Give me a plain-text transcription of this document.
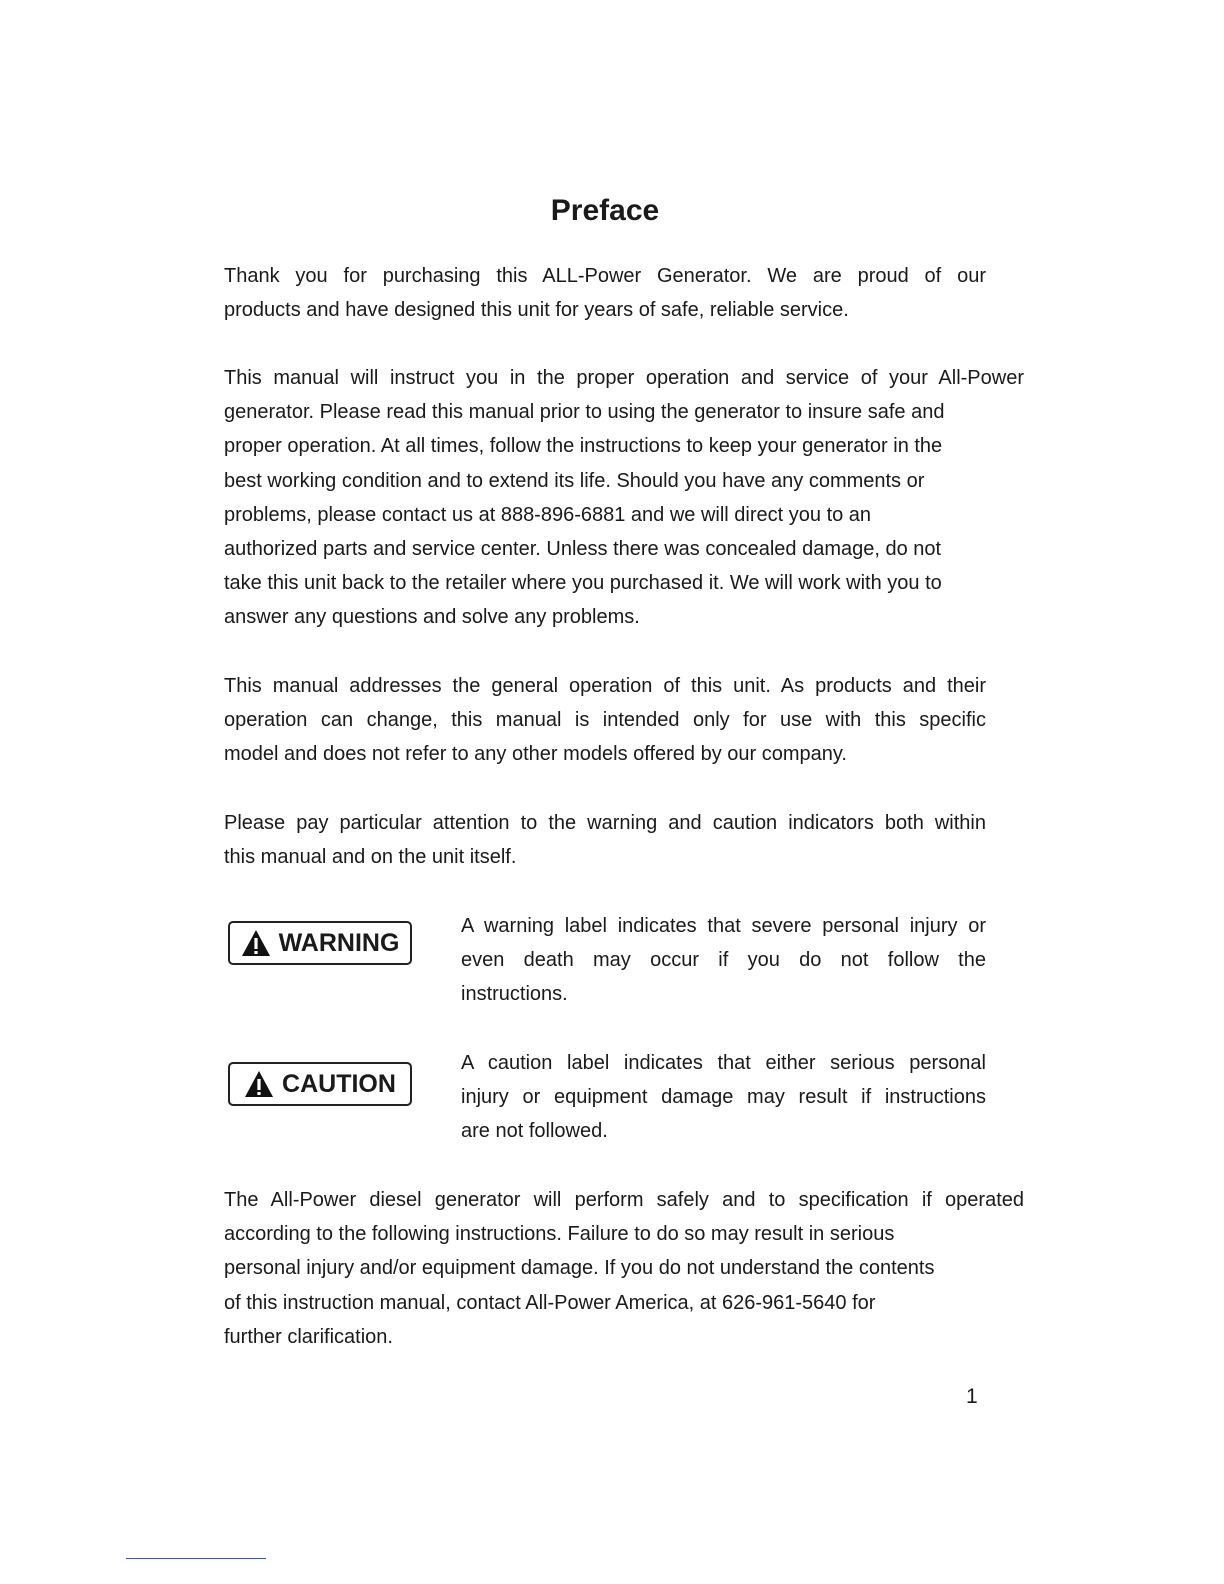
Preface
Thank you for purchasing this ALL-Power Generator. We are proud of our
products and have designed this unit for years of safe, reliable service.
This manual will instruct you in the proper operation and service of your All-Power
generator. Please read this manual prior to using the generator to insure safe and
proper operation. At all times, follow the instructions to keep your generator in the
best working condition and to extend its life. Should you have any comments or
problems, please contact us at 888-896-6881 and we will direct you to an
authorized parts and service center. Unless there was concealed damage, do not
take this unit back to the retailer where you purchased it. We will work with you to
answer any questions and solve any problems.
This manual addresses the general operation of this unit. As products and their
operation can change, this manual is intended only for use with this specific
model and does not refer to any other models offered by our company.
Please pay particular attention to the warning and caution indicators both within
this manual and on the unit itself.
WARNING
A warning label indicates that severe personal injury or
even death may occur if you do not follow the
instructions.
CAUTION
A caution label indicates that either serious personal
injury or equipment damage may result if instructions
are not followed.
The All-Power diesel generator will perform safely and to specification if operated
according to the following instructions. Failure to do so may result in serious
personal injury and/or equipment damage. If you do not understand the contents
of this instruction manual, contact All-Power America, at 626-961-5640 for
further clarification.

1
